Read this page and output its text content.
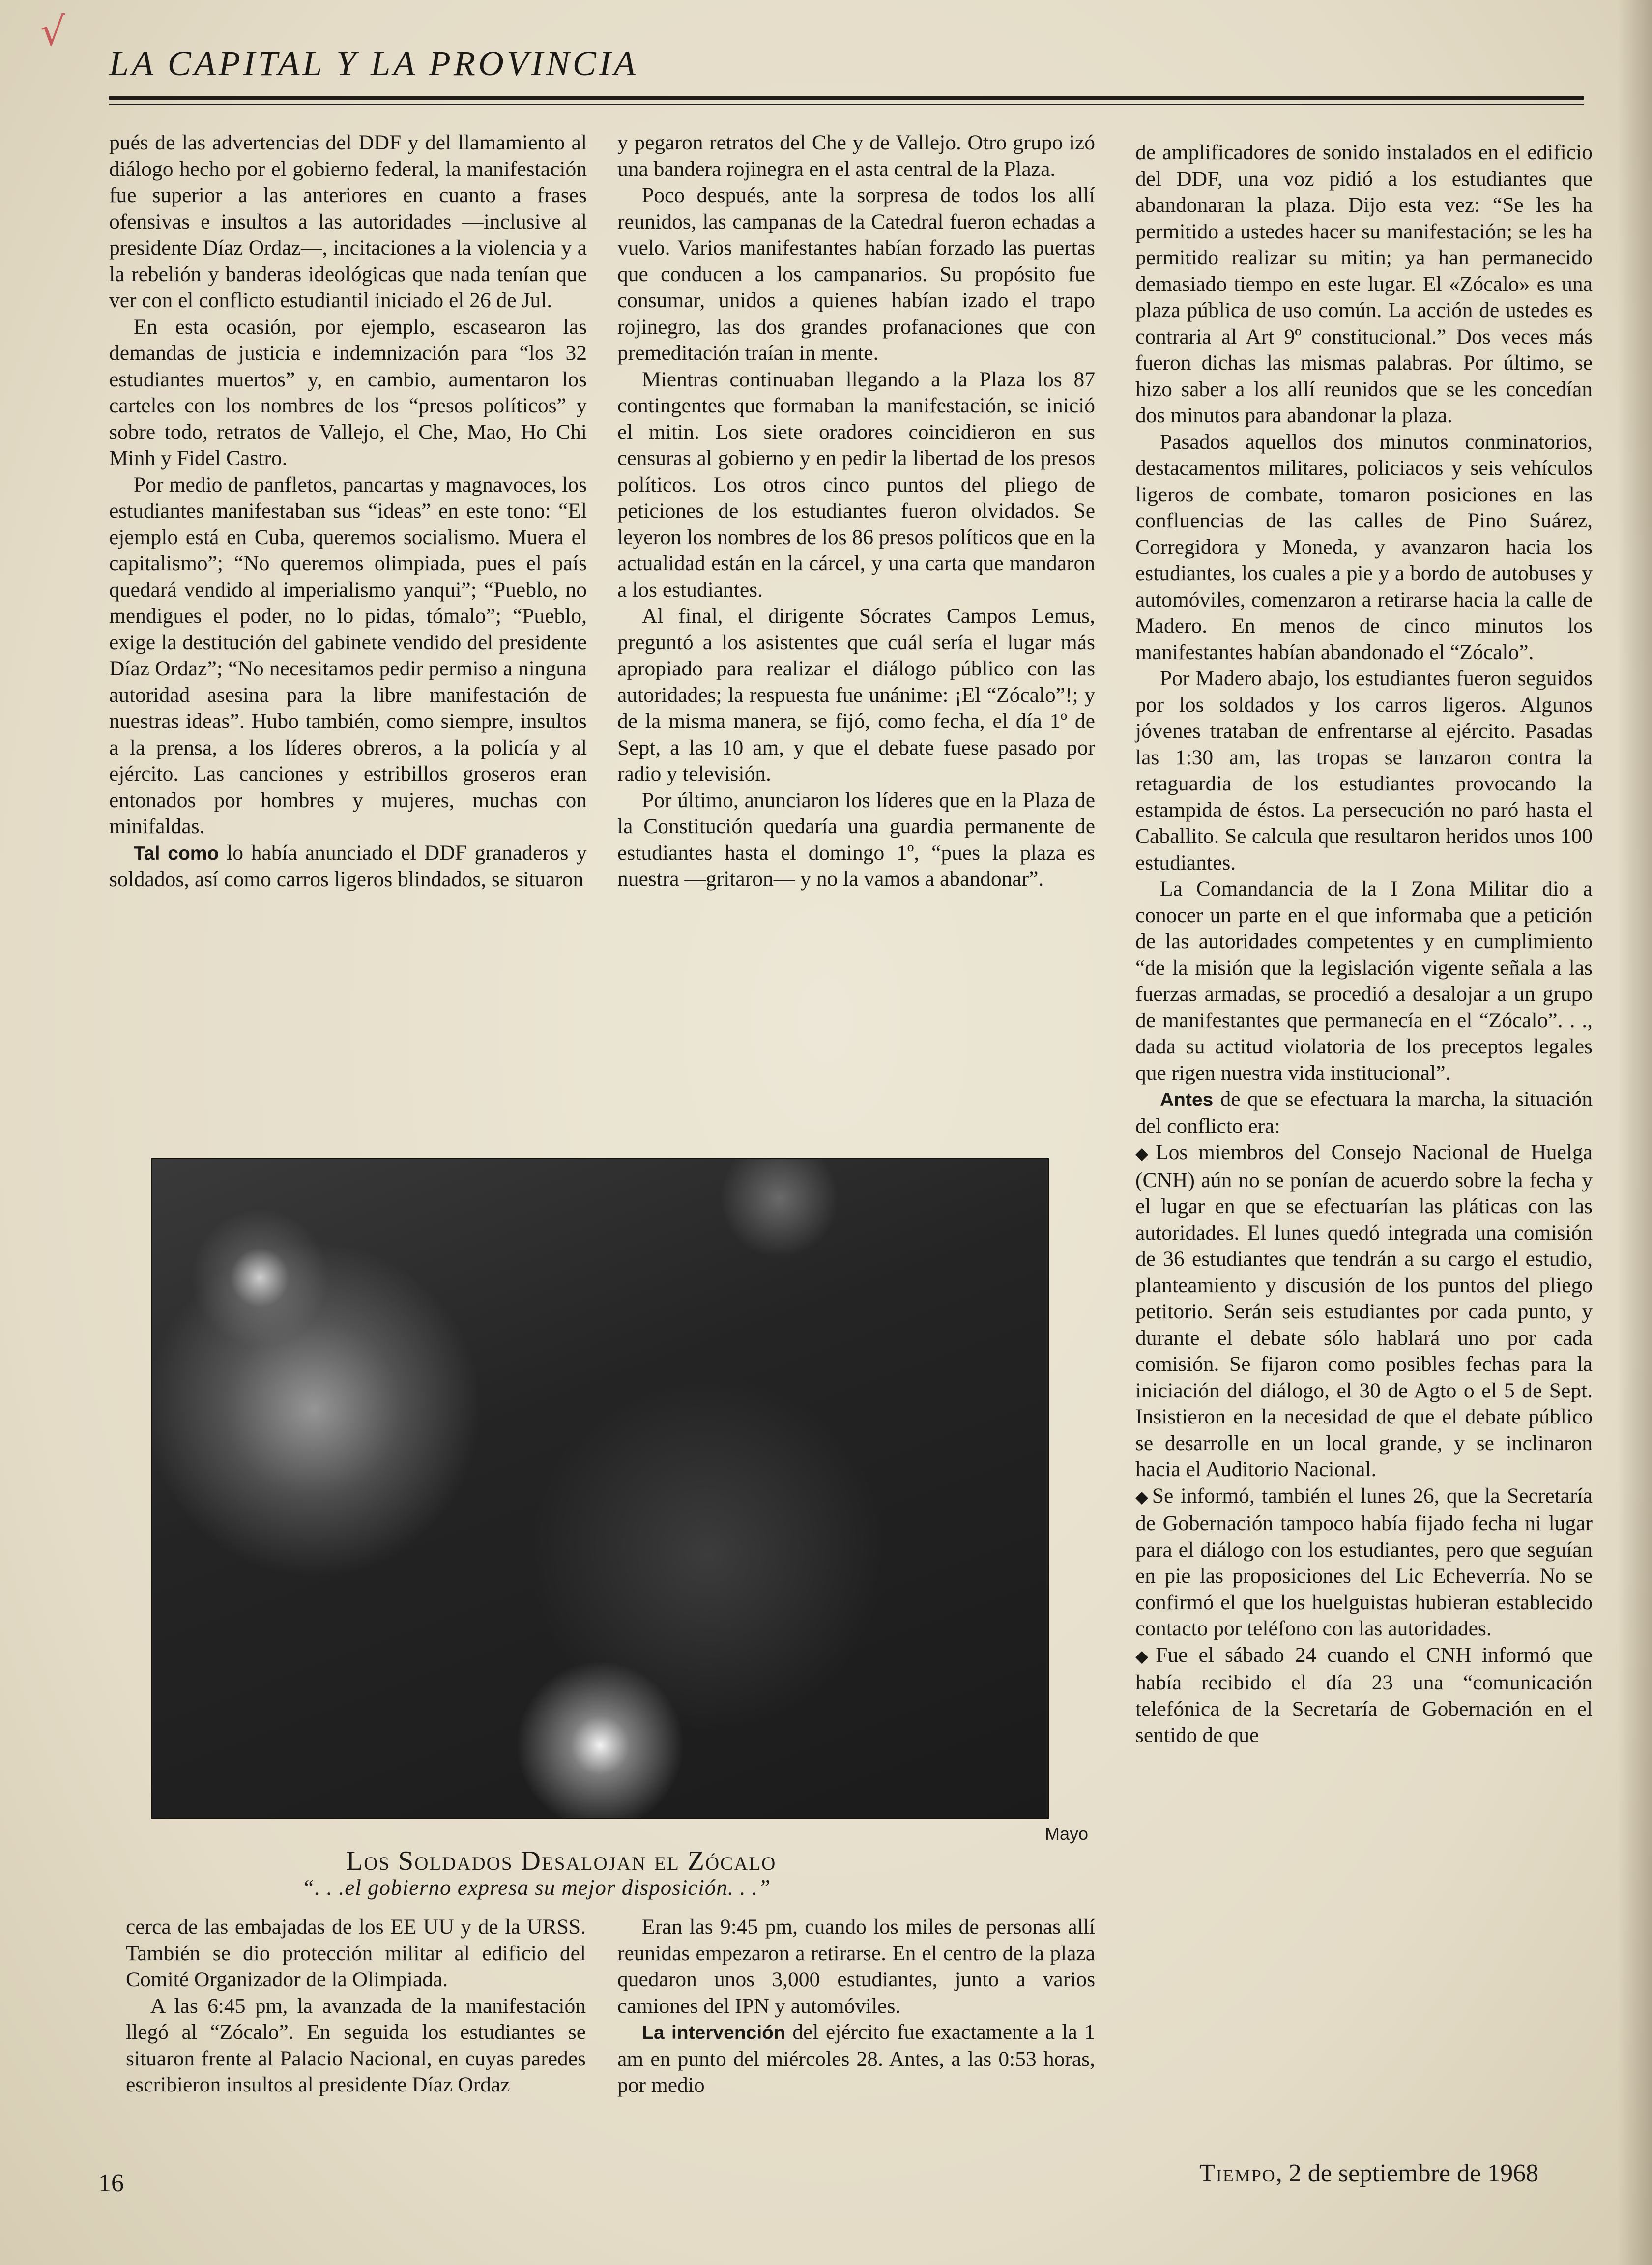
√
LA CAPITAL Y LA PROVINCIA

pués de las advertencias del DDF y del llamamiento al diálogo hecho por el gobierno federal, la manifestación fue superior a las anteriores en cuanto a frases ofensivas e insultos a las autoridades —inclusive al presidente Díaz Ordaz—, incitaciones a la violencia y a la rebelión y banderas ideológicas que nada tenían que ver con el conflicto estudiantil iniciado el 26 de Jul.

En esta ocasión, por ejemplo, escasearon las demandas de justicia e indemnización para “los 32 estudiantes muertos” y, en cambio, aumentaron los carteles con los nombres de los “presos políticos” y sobre todo, retratos de Vallejo, el Che, Mao, Ho Chi Minh y Fidel Castro.

Por medio de panfletos, pancartas y magnavoces, los estudiantes manifestaban sus “ideas” en este tono: “El ejemplo está en Cuba, queremos socialismo. Muera el capitalismo”; “No queremos olimpiada, pues el país quedará vendido al imperialismo yanqui”; “Pueblo, no mendigues el poder, no lo pidas, tómalo”; “Pueblo, exige la destitución del gabinete vendido del presidente Díaz Ordaz”; “No necesitamos pedir permiso a ninguna autoridad asesina para la libre manifestación de nuestras ideas”. Hubo también, como siempre, insultos a la prensa, a los líderes obreros, a la policía y al ejército. Las canciones y estribillos groseros eran entonados por hombres y mujeres, muchas con minifaldas.

Tal como lo había anunciado el DDF granaderos y soldados, así como carros ligeros blindados, se situaron

y pegaron retratos del Che y de Vallejo. Otro grupo izó una bandera rojinegra en el asta central de la Plaza.

Poco después, ante la sorpresa de todos los allí reunidos, las campanas de la Catedral fueron echadas a vuelo. Varios manifestantes habían forzado las puertas que conducen a los campanarios. Su propósito fue consumar, unidos a quienes habían izado el trapo rojinegro, las dos grandes profanaciones que con premeditación traían in mente.

Mientras continuaban llegando a la Plaza los 87 contingentes que formaban la manifestación, se inició el mitin. Los siete oradores coincidieron en sus censuras al gobierno y en pedir la libertad de los presos políticos. Los otros cinco puntos del pliego de peticiones de los estudiantes fueron olvidados. Se leyeron los nombres de los 86 presos políticos que en la actualidad están en la cárcel, y una carta que mandaron a los estudiantes.

Al final, el dirigente Sócrates Campos Lemus, preguntó a los asistentes que cuál sería el lugar más apropiado para realizar el diálogo público con las autoridades; la respuesta fue unánime: ¡El “Zócalo”!; y de la misma manera, se fijó, como fecha, el día 1º de Sept, a las 10 am, y que el debate fuese pasado por radio y televisión.

Por último, anunciaron los líderes que en la Plaza de la Constitución quedaría una guardia permanente de estudiantes hasta el domingo 1º, “pues la plaza es nuestra —gritaron— y no la vamos a abandonar”.

de amplificadores de sonido instalados en el edificio del DDF, una voz pidió a los estudiantes que abandonaran la plaza. Dijo esta vez: “Se les ha permitido a ustedes hacer su manifestación; se les ha permitido realizar su mitin; ya han permanecido demasiado tiempo en este lugar. El «Zócalo» es una plaza pública de uso común. La acción de ustedes es contraria al Art 9º constitucional.” Dos veces más fueron dichas las mismas palabras. Por último, se hizo saber a los allí reunidos que se les concedían dos minutos para abandonar la plaza.

Pasados aquellos dos minutos conminatorios, destacamentos militares, policiacos y seis vehículos ligeros de combate, tomaron posiciones en las confluencias de las calles de Pino Suárez, Corregidora y Moneda, y avanzaron hacia los estudiantes, los cuales a pie y a bordo de autobuses y automóviles, comenzaron a retirarse hacia la calle de Madero. En menos de cinco minutos los manifestantes habían abandonado el “Zócalo”.

Por Madero abajo, los estudiantes fueron seguidos por los soldados y los carros ligeros. Algunos jóvenes trataban de enfrentarse al ejército. Pasadas las 1:30 am, las tropas se lanzaron contra la retaguardia de los estudiantes provocando la estampida de éstos. La persecución no paró hasta el Caballito. Se calcula que resultaron heridos unos 100 estudiantes.

La Comandancia de la I Zona Militar dio a conocer un parte en el que informaba que a petición de las autoridades competentes y en cumplimiento “de la misión que la legislación vigente señala a las fuerzas armadas, se procedió a desalojar a un grupo de manifestantes que permanecía en el “Zócalo”. . ., dada su actitud violatoria de los preceptos legales que rigen nuestra vida institucional”.

Antes de que se efectuara la marcha, la situación del conflicto era:

◆Los miembros del Consejo Nacional de Huelga (CNH) aún no se ponían de acuerdo sobre la fecha y el lugar en que se efectuarían las pláticas con las autoridades. El lunes quedó integrada una comisión de 36 estudiantes que tendrán a su cargo el estudio, planteamiento y discusión de los puntos del pliego petitorio. Serán seis estudiantes por cada punto, y durante el debate sólo hablará uno por cada comisión. Se fijaron como posibles fechas para la iniciación del diálogo, el 30 de Agto o el 5 de Sept. Insistieron en la necesidad de que el debate público se desarrolle en un local grande, y se inclinaron hacia el Auditorio Nacional.

◆Se informó, también el lunes 26, que la Secretaría de Gobernación tampoco había fijado fecha ni lugar para el diálogo con los estudiantes, pero que seguían en pie las proposiciones del Lic Echeverría. No se confirmó el que los huelguistas hubieran establecido contacto por teléfono con las autoridades.

◆Fue el sábado 24 cuando el CNH informó que había recibido el día 23 una “comunicación telefónica de la Secretaría de Gobernación en el sentido de que

Mayo
Los Soldados Desalojan el Zócalo
“. . .el gobierno expresa su mejor disposición. . .”

cerca de las embajadas de los EE UU y de la URSS. También se dio protección militar al edificio del Comité Organizador de la Olimpiada.

A las 6:45 pm, la avanzada de la manifestación llegó al “Zócalo”. En seguida los estudiantes se situaron frente al Palacio Nacional, en cuyas paredes escribieron insultos al presidente Díaz Ordaz

Eran las 9:45 pm, cuando los miles de personas allí reunidas empezaron a retirarse. En el centro de la plaza quedaron unos 3,000 estudiantes, junto a varios camiones del IPN y automóviles.

La intervención del ejército fue exactamente a la 1 am en punto del miércoles 28. Antes, a las 0:53 horas, por medio

16	Tiempo, 2 de septiembre de 1968
